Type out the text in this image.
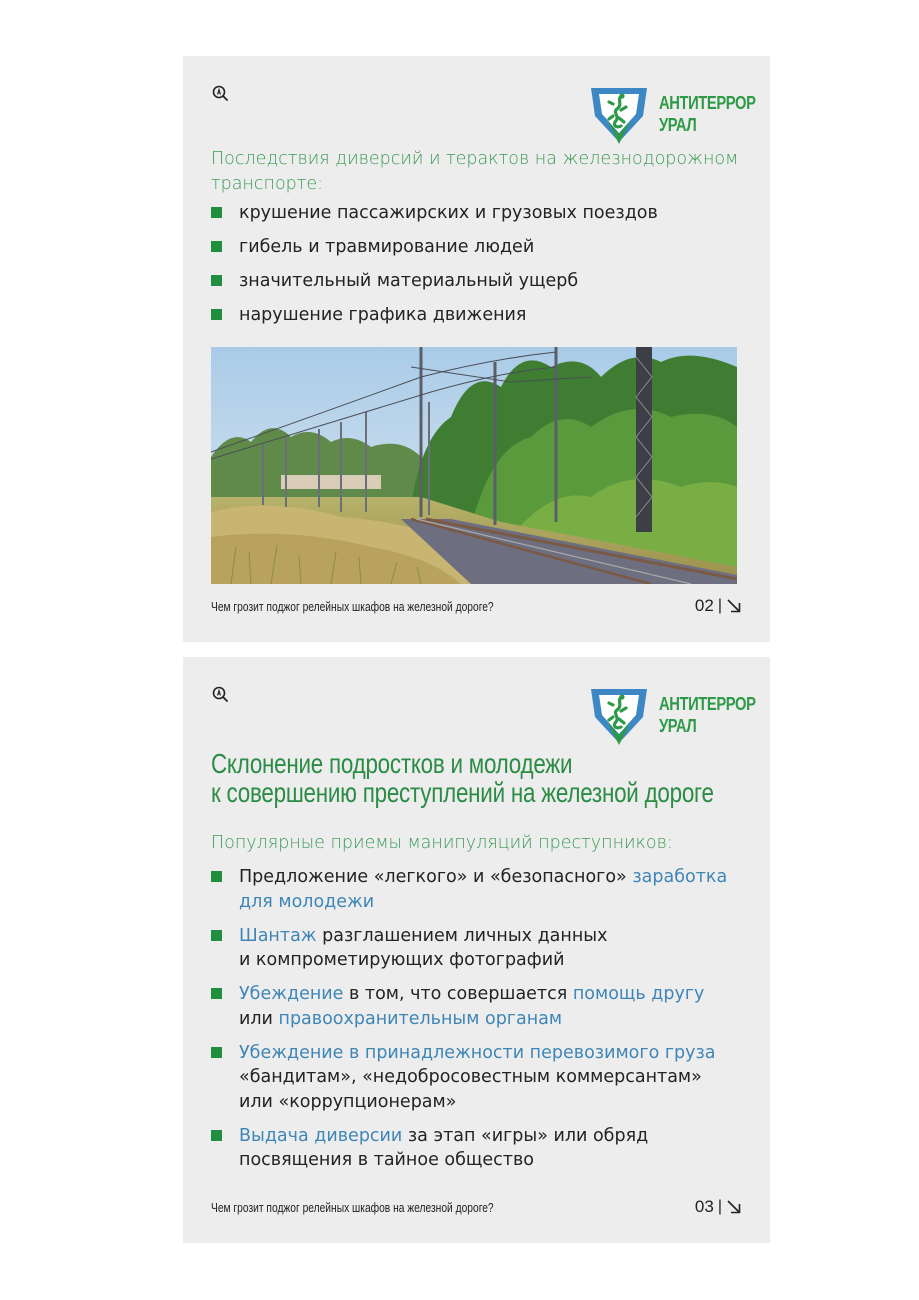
АНТИТЕРРОР
УРАЛ
Последствия диверсий и терактов на железнодорожном транспорте:
крушение пассажирских и грузовых поездов
гибель и травмирование людей
значительный материальный ущерб
нарушение графика движения
Чем грозит поджог релейных шкафов на железной дороге?	02 |
АНТИТЕРРОР
УРАЛ
Склонение подростков и молодежи
к совершению преступлений на железной дороге
Популярные приемы манипуляций преступников:
Предложение «легкого» и «безопасного» заработка для молодежи
Шантаж разглашением личных данных
и компрометирующих фотографий
Убеждение в том, что совершается помощь другу
или правоохранительным органам
Убеждение в принадлежности перевозимого груза
«бандитам», «недобросовестным коммерсантам»
или «коррупционерам»
Выдача диверсии за этап «игры» или обряд
посвящения в тайное общество
Чем грозит поджог релейных шкафов на железной дороге?	03 |
